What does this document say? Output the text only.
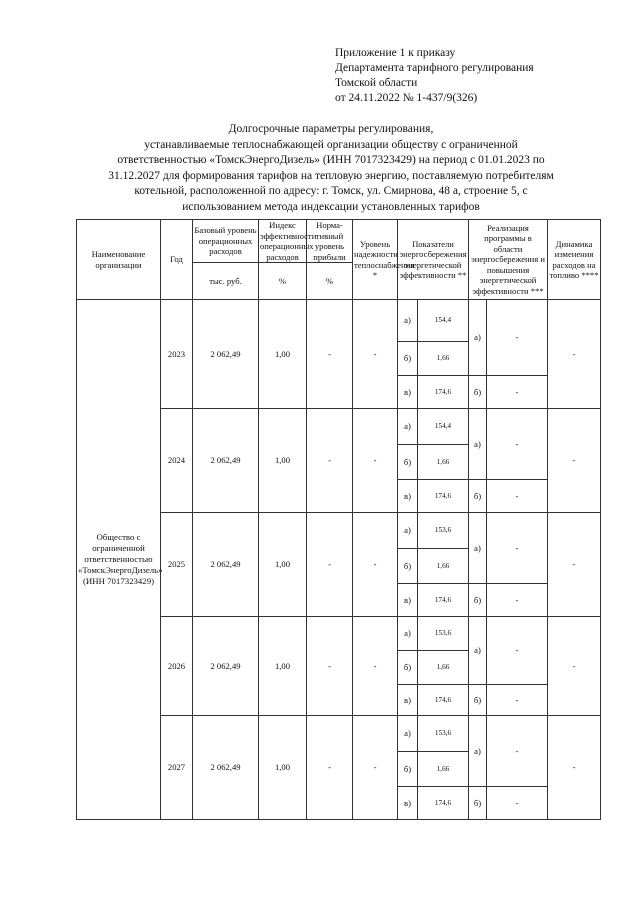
Приложение 1 к приказу
Департамента тарифного регулирования
Томской области
от 24.11.2022 № 1-437/9(326)
Долгосрочные параметры регулирования,
устанавливаемые теплоснабжающей организации обществу с ограниченной
ответственностью «ТомскЭнергоДизель» (ИНН 7017323429) на период с 01.01.2023 по
31.12.2027 для формирования тарифов на тепловую энергию, поставляемую потребителям
котельной, расположенной по адресу: г. Томск, ул. Смирнова, 48 а, строение 5, с
использованием метода индексации установленных тарифов
Наименование организации	Год	Базовый уровень операционных расходов	Индекс эффективности операционных расходов	Норма-тивный уровень прибыли	Уровень надежности теплоснабжения *	Показатели энергосбережения энергетической эффективности **		Реализация программы в области энергосбережения и повышения энергетической эффективности ***		Динамика изменения расходов на топливо ****
		тыс. руб.	%	%						
Общество с ограниченной ответственностью «ТомскЭнергоДизель» (ИНН 7017323429)	2023	2 062,49	1,00	-	-	а)	154,4	а)	-	-
						б)	1,66			
						в)	174,6	б)	-	
	2024	2 062,49	1,00	-	-	а)	154,4	а)	-	-
						б)	1,66			
						в)	174,6	б)	-	
	2025	2 062,49	1,00	-	-	а)	153,6	а)	-	-
						б)	1,66			
						в)	174,6	б)	-	
	2026	2 062,49	1,00	-	-	а)	153,6	а)	-	-
						б)	1,66			
						в)	174,6	б)	-	
	2027	2 062,49	1,00	-	-	а)	153,6	а)	-	-
						б)	1,66			
						в)	174,6	б)	-	
